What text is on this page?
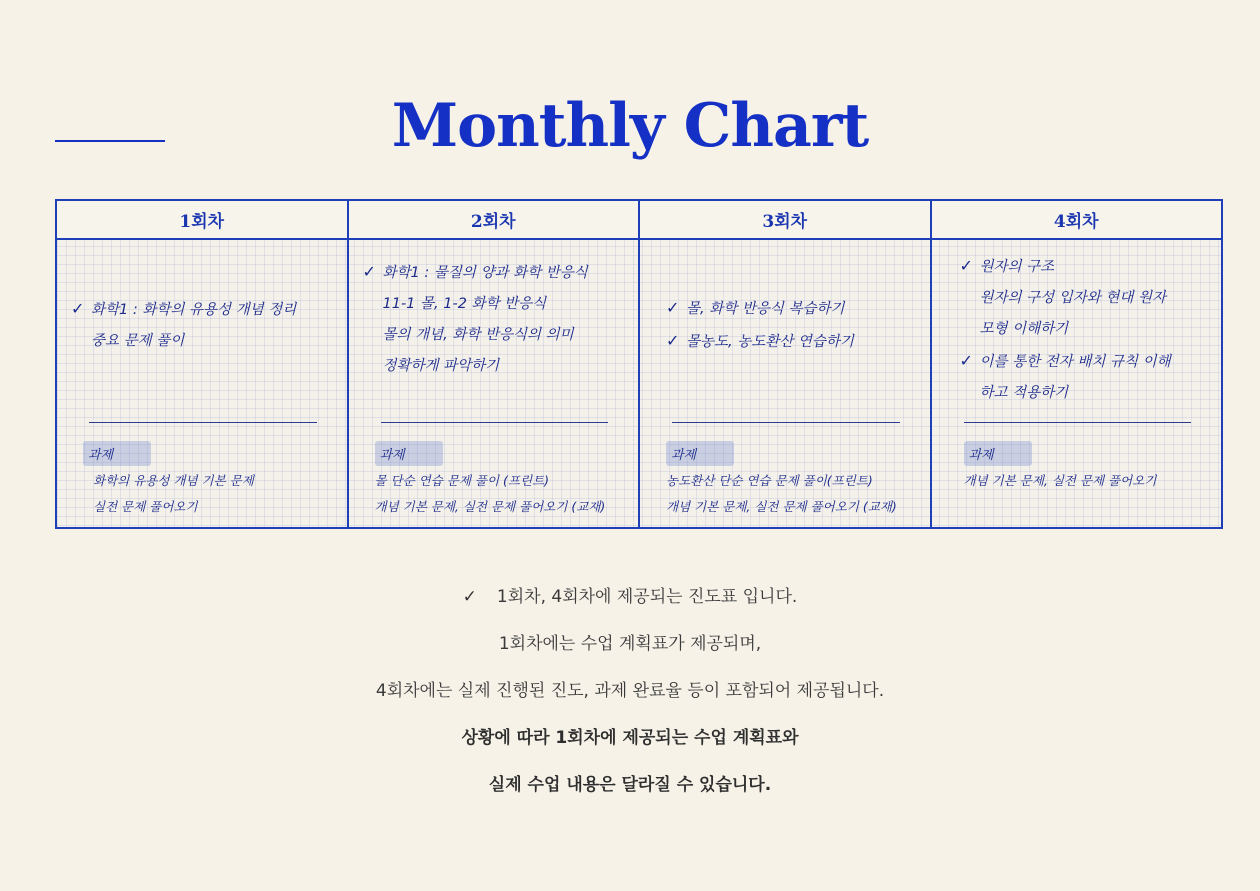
Monthly Chart
1회차
✓ 화학1 : 화학의 유용성 개념 정리
중요 문제 풀이
과제
화학의 유용성 개념 기본 문제
실전 문제 풀어오기
2회차
✓ 화학1 : 물질의 양과 화학 반응식
11-1 몰, 1-2 화학 반응식
몰의 개념, 화학 반응식의 의미
정확하게 파악하기
과제
몰 단순 연습 문제 풀이 (프린트)
개념 기본 문제, 실전 문제 풀어오기 (교재)
3회차
✓ 몰, 화학 반응식 복습하기
✓ 몰농도, 농도환산 연습하기
과제
농도환산 단순 연습 문제 풀이(프린트)
개념 기본 문제, 실전 문제 풀어오기 (교재)
4회차
✓ 원자의 구조
원자의 구성 입자와 현대 원자
모형 이해하기
✓ 이를 통한 전자 배치 규칙 이해
하고 적용하기
과제
개념 기본 문제, 실전 문제 풀어오기
✓ 1회차, 4회차에 제공되는 진도표 입니다.
1회차에는 수업 계획표가 제공되며,
4회차에는 실제 진행된 진도, 과제 완료율 등이 포함되어 제공됩니다.
상황에 따라 1회차에 제공되는 수업 계획표와
실제 수업 내용은 달라질 수 있습니다.
